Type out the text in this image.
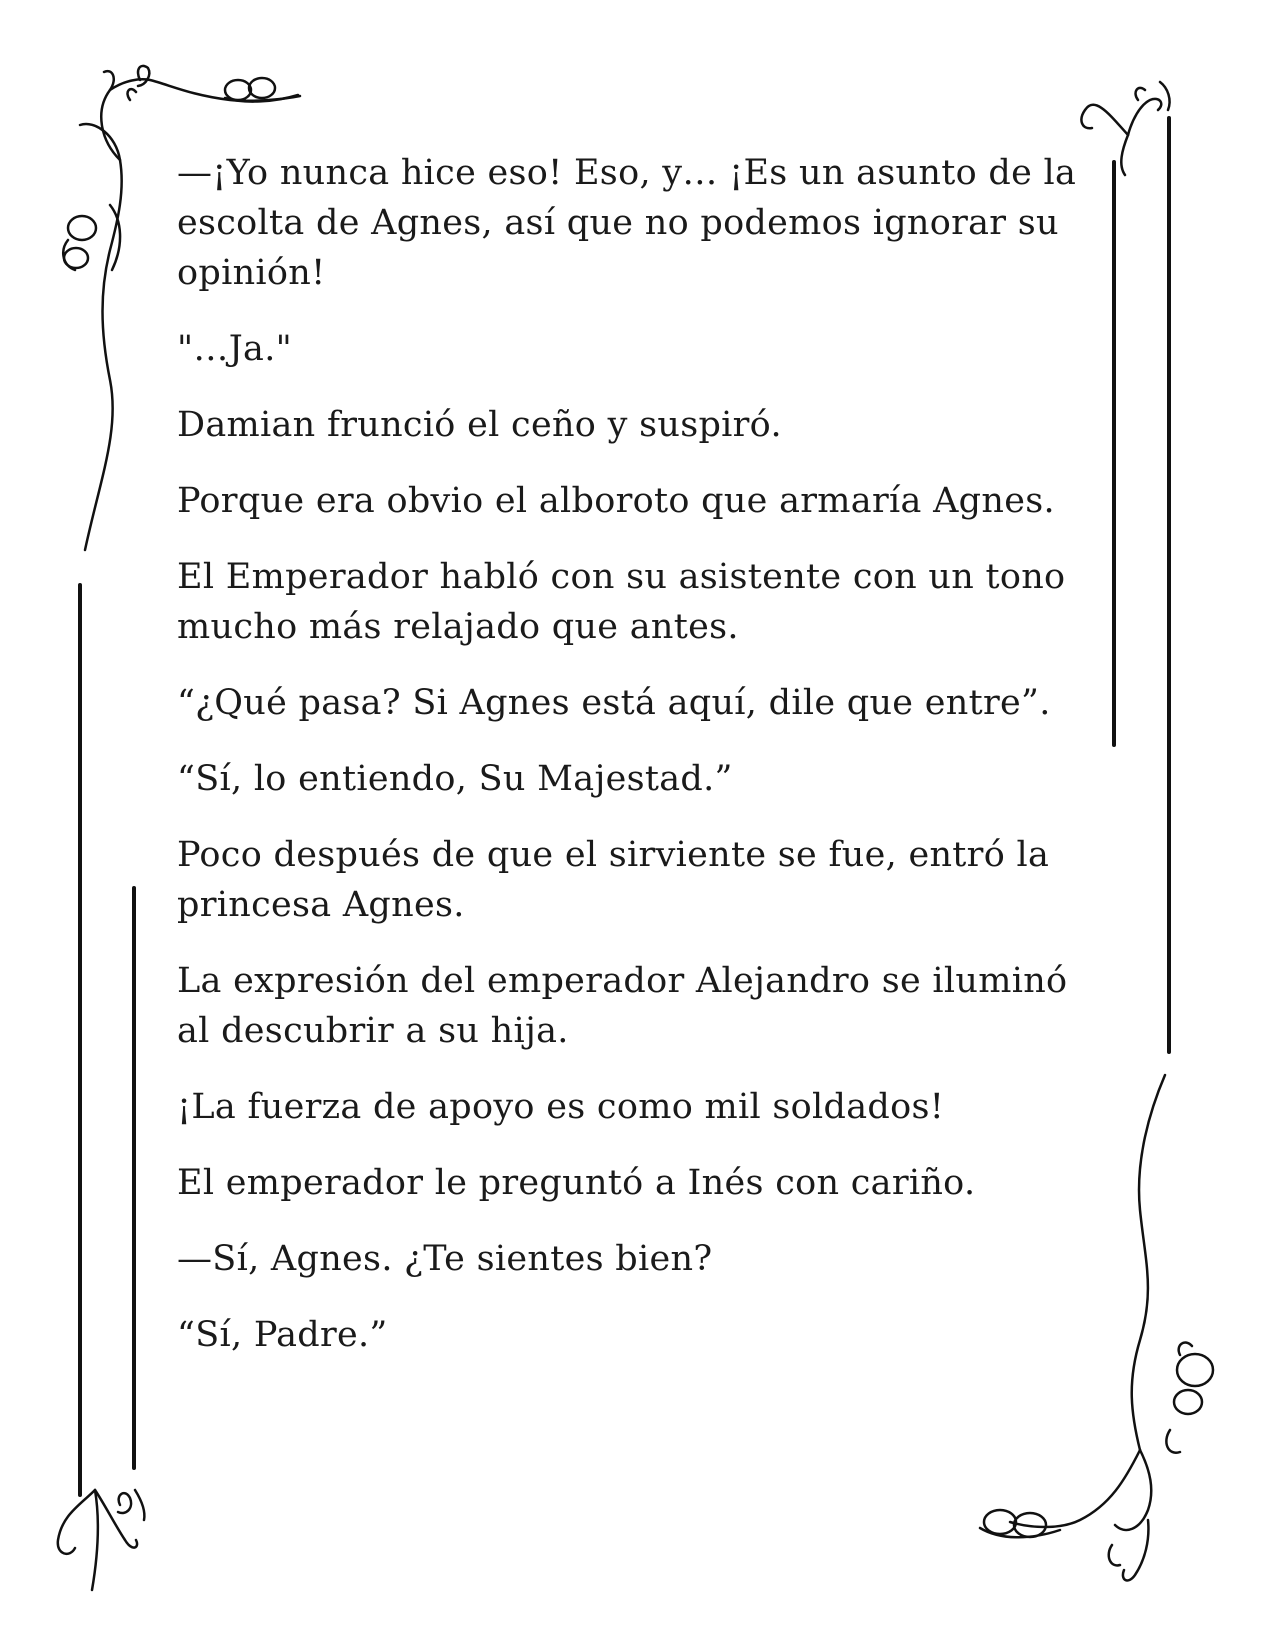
—¡Yo nunca hice eso! Eso, y… ¡Es un asunto de la escolta de Agnes, así que no podemos ignorar su opinión!

"…Ja."

Damian frunció el ceño y suspiró.

Porque era obvio el alboroto que armaría Agnes.

El Emperador habló con su asistente con un tono mucho más relajado que antes.

“¿Qué pasa? Si Agnes está aquí, dile que entre”.

“Sí, lo entiendo, Su Majestad.”

Poco después de que el sirviente se fue, entró la princesa Agnes.

La expresión del emperador Alejandro se iluminó al descubrir a su hija.

¡La fuerza de apoyo es como mil soldados!

El emperador le preguntó a Inés con cariño.

—Sí, Agnes. ¿Te sientes bien?

“Sí, Padre.”
